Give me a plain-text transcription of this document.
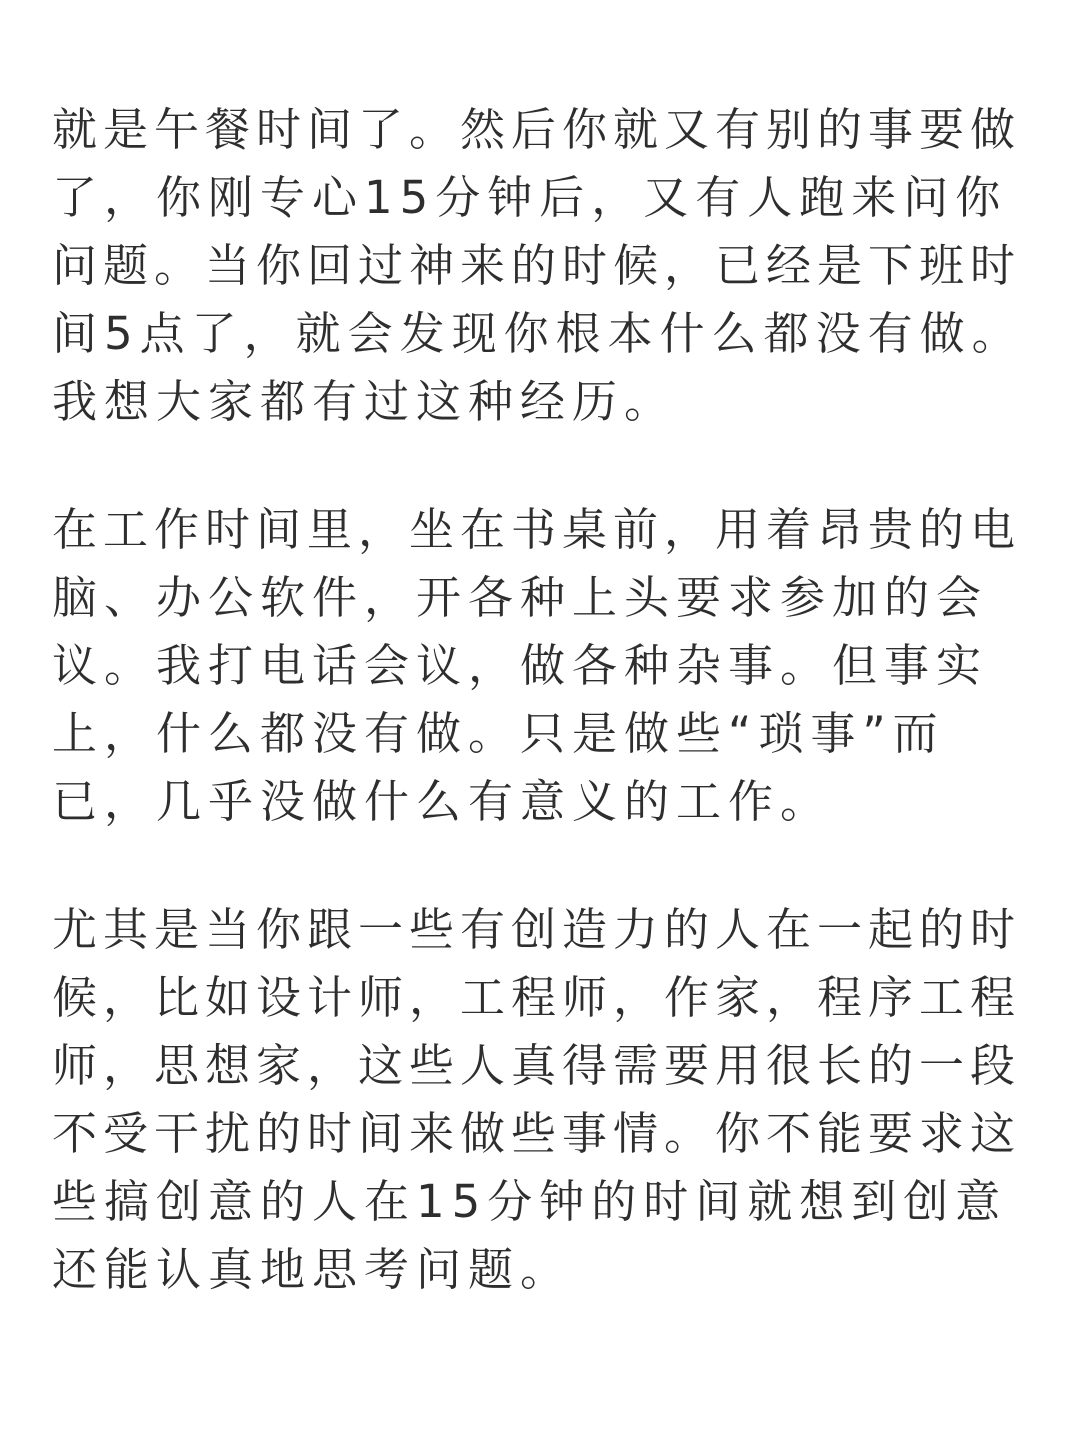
就是午餐时间了。然后你就又有别的事要做
了，你刚专心15分钟后，又有人跑来问你
问题。当你回过神来的时候，已经是下班时
间5点了，就会发现你根本什么都没有做。
我想大家都有过这种经历。

在工作时间里，坐在书桌前，用着昂贵的电
脑、办公软件，开各种上头要求参加的会
议。我打电话会议，做各种杂事。但事实
上，什么都没有做。只是做些“琐事”而
已，几乎没做什么有意义的工作。

尤其是当你跟一些有创造力的人在一起的时
候，比如设计师，工程师，作家，程序工程
师，思想家，这些人真得需要用很长的一段
不受干扰的时间来做些事情。你不能要求这
些搞创意的人在15分钟的时间就想到创意
还能认真地思考问题。
